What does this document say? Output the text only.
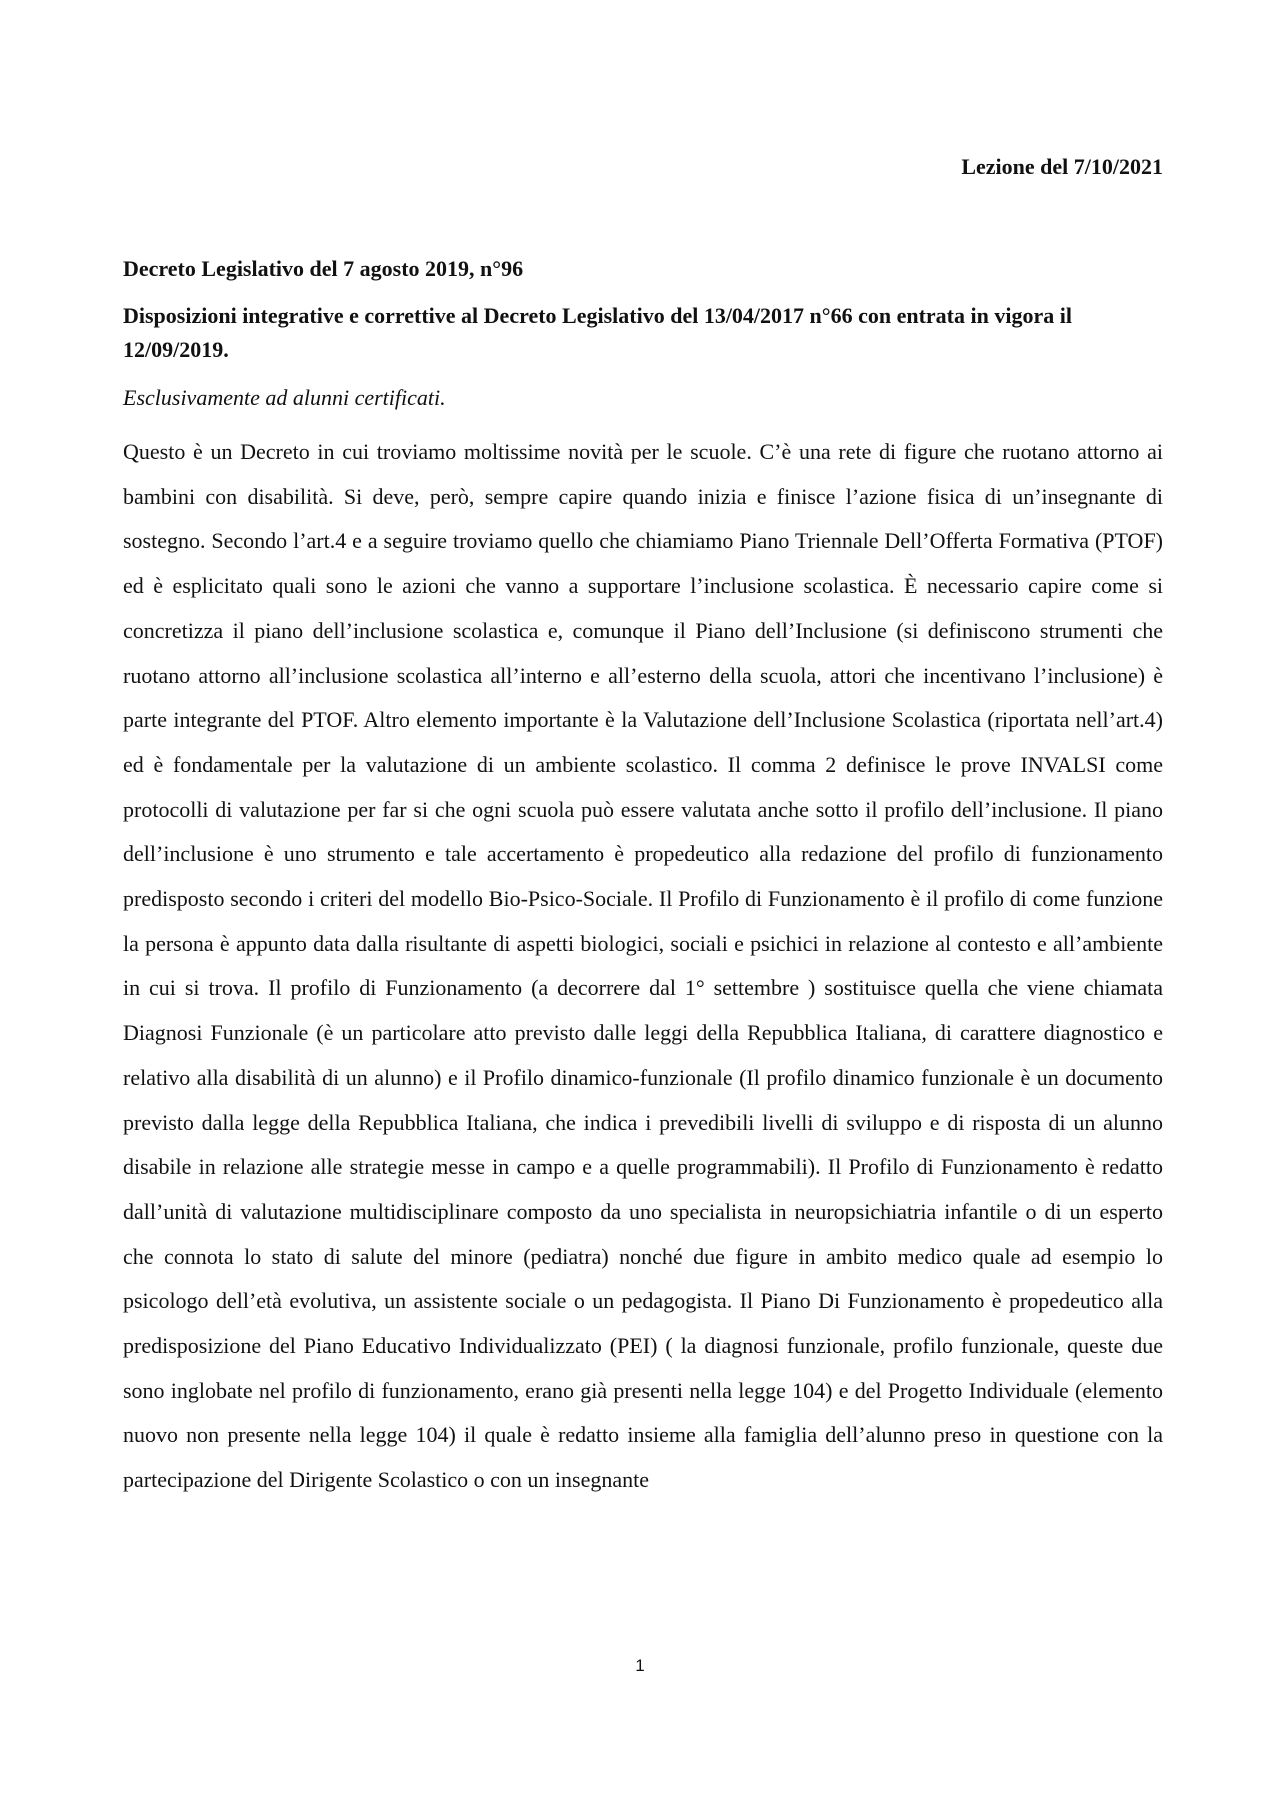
Lezione del 7/10/2021
Decreto Legislativo del 7 agosto 2019, n°96
Disposizioni integrative e correttive al Decreto Legislativo del 13/04/2017 n°66 con entrata in vigora il 12/09/2019.
Esclusivamente ad alunni certificati.

Questo è un Decreto in cui troviamo moltissime novità per le scuole. C’è una rete di figure che ruotano attorno ai bambini con disabilità. Si deve, però, sempre capire quando inizia e finisce l’azione fisica di un’insegnante di sostegno. Secondo l’art.4 e a seguire troviamo quello che chiamiamo Piano Triennale Dell’Offerta Formativa (PTOF) ed è esplicitato quali sono le azioni che vanno a supportare l’inclusione scolastica. È necessario capire come si concretizza il piano dell’inclusione scolastica e, comunque il Piano dell’Inclusione (si definiscono strumenti che ruotano attorno all’inclusione scolastica all’interno e all’esterno della scuola, attori che incentivano l’inclusione) è parte integrante del PTOF. Altro elemento importante è la Valutazione dell’Inclusione Scolastica (riportata nell’art.4) ed è fondamentale per la valutazione di un ambiente scolastico. Il comma 2 definisce le prove INVALSI come protocolli di valutazione per far si che ogni scuola può essere valutata anche sotto il profilo dell’inclusione. Il piano dell’inclusione è uno strumento e tale accertamento è propedeutico alla redazione del profilo di funzionamento predisposto secondo i criteri del modello Bio-Psico-Sociale. Il Profilo di Funzionamento è il profilo di come funzione la persona è appunto data dalla risultante di aspetti biologici, sociali e psichici in relazione al contesto e all’ambiente in cui si trova. Il profilo di Funzionamento (a decorrere dal 1° settembre ) sostituisce quella che viene chiamata Diagnosi Funzionale (è un particolare atto previsto dalle leggi della Repubblica Italiana, di carattere diagnostico e relativo alla disabilità di un alunno) e il Profilo dinamico-funzionale (Il profilo dinamico funzionale è un documento previsto dalla legge della Repubblica Italiana, che indica i prevedibili livelli di sviluppo e di risposta di un alunno disabile in relazione alle strategie messe in campo e a quelle programmabili). Il Profilo di Funzionamento è redatto dall’unità di valutazione multidisciplinare composto da uno specialista in neuropsichiatria infantile o di un esperto che connota lo stato di salute del minore (pediatra) nonché due figure in ambito medico quale ad esempio lo psicologo dell’età evolutiva, un assistente sociale o un pedagogista. Il Piano Di Funzionamento è propedeutico alla predisposizione del Piano Educativo Individualizzato (PEI) ( la diagnosi funzionale, profilo funzionale, queste due sono inglobate nel profilo di funzionamento, erano già presenti nella legge 104) e del Progetto Individuale (elemento nuovo non presente nella legge 104) il quale è redatto insieme alla famiglia dell’alunno preso in questione con la partecipazione del Dirigente Scolastico o con un insegnante

1
